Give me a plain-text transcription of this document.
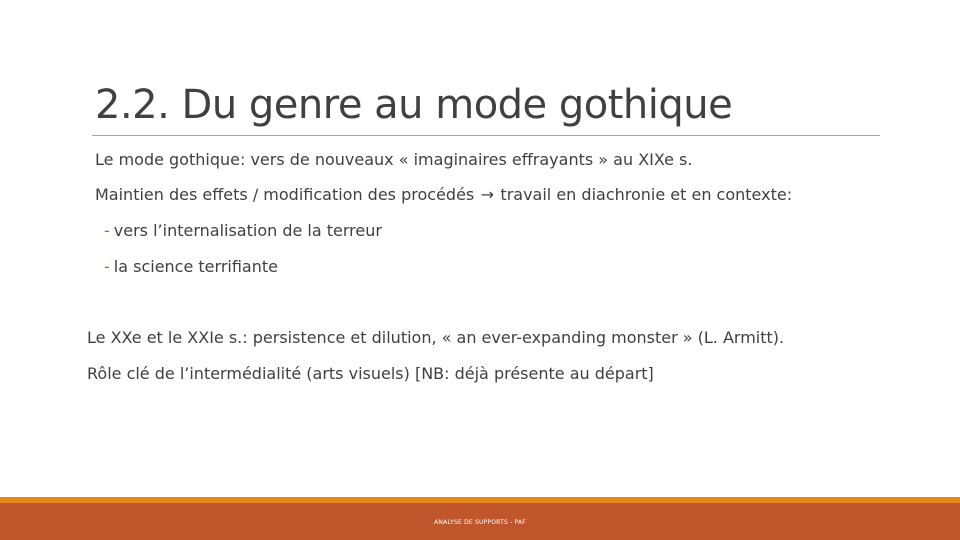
2.2. Du genre au mode gothique
Le mode gothique: vers de nouveaux « imaginaires effrayants » au XIXe s.
Maintien des effets / modification des procédés → travail en diachronie et en contexte:
- vers l’internalisation de la terreur
- la science terrifiante
Le XXe et le XXIe s.: persistence et dilution, « an ever-expanding monster » (L. Armitt).
Rôle clé de l’intermédialité (arts visuels) [NB: déjà présente au départ]
ANALYSE DE SUPPORTS - PAF
